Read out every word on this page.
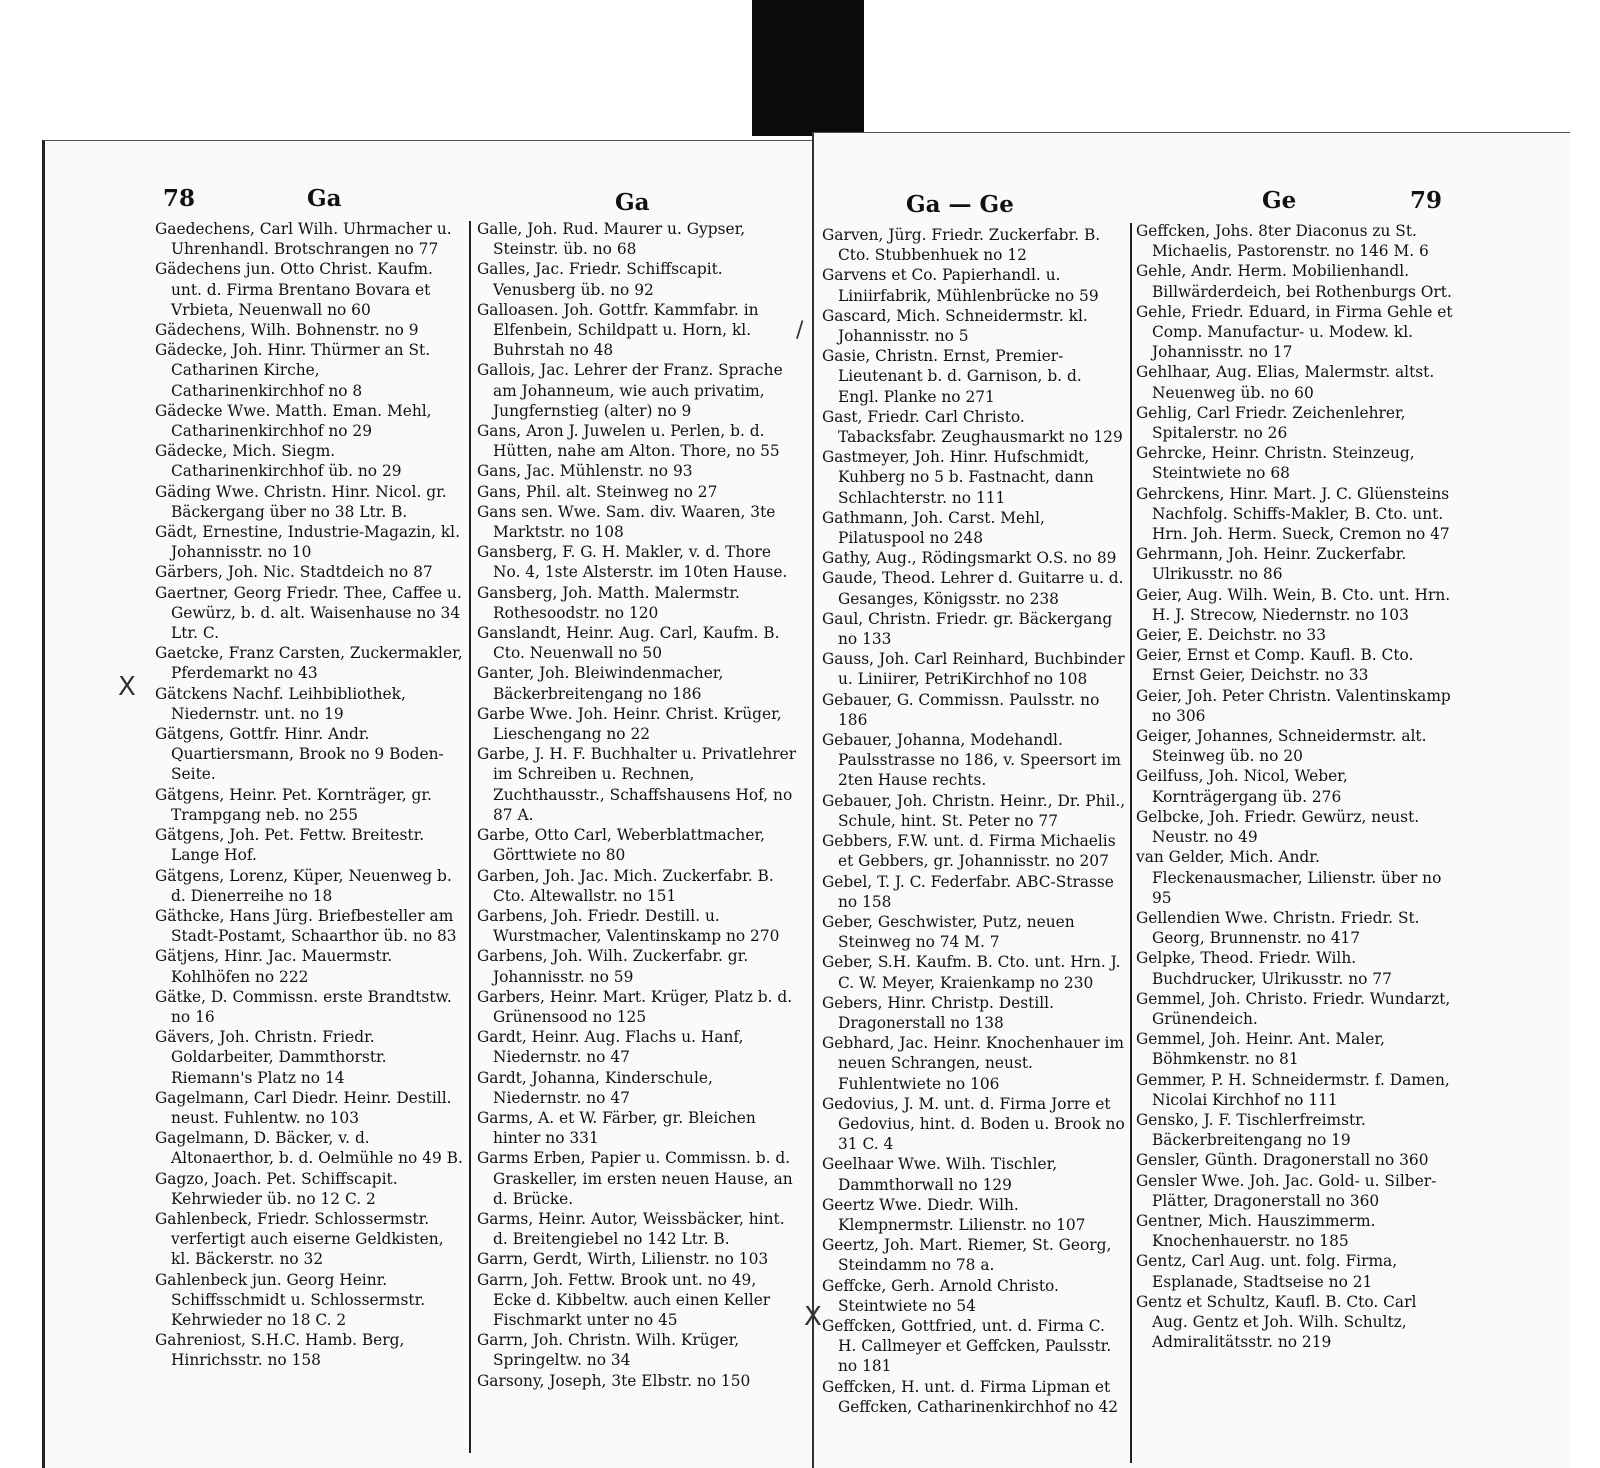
78	Ga	Ga

Gaedechens, Carl Wilh. Uhrmacher u. Uhrenhandl. Brotschrangen no 77

Gädechens jun. Otto Christ. Kaufm. unt. d. Firma Brentano Bovara et Vrbieta, Neuenwall no 60

Gädechens, Wilh. Bohnenstr. no 9

Gädecke, Joh. Hinr. Thürmer an St. Catharinen Kirche, Catharinenkirchhof no 8

Gädecke Wwe. Matth. Eman. Mehl, Catharinenkirchhof no 29

Gädecke, Mich. Siegm. Catharinenkirchhof üb. no 29

Gäding Wwe. Christn. Hinr. Nicol. gr. Bäckergang über no 38 Ltr. B.

Gädt, Ernestine, Industrie-Magazin, kl. Johannisstr. no 10

Gärbers, Joh. Nic. Stadtdeich no 87

Gaertner, Georg Friedr. Thee, Caffee u. Gewürz, b. d. alt. Waisenhause no 34 Ltr. C.

Gaetcke, Franz Carsten, Zuckermakler, Pferdemarkt no 43

Gätckens Nachf. Leihbibliothek, Niedernstr. unt. no 19

Gätgens, Gottfr. Hinr. Andr. Quartiersmann, Brook no 9 Boden-Seite.

Gätgens, Heinr. Pet. Kornträger, gr. Trampgang neb. no 255

Gätgens, Joh. Pet. Fettw. Breitestr. Lange Hof.

Gätgens, Lorenz, Küper, Neuenweg b. d. Dienerreihe no 18

Gäthcke, Hans Jürg. Briefbesteller am Stadt-Postamt, Schaarthor üb. no 83

Gätjens, Hinr. Jac. Mauermstr. Kohlhöfen no 222

Gätke, D. Commissn. erste Brandtstw. no 16

Gävers, Joh. Christn. Friedr. Goldarbeiter, Dammthorstr. Riemann's Platz no 14

Gagelmann, Carl Diedr. Heinr. Destill. neust. Fuhlentw. no 103

Gagelmann, D. Bäcker, v. d. Altonaerthor, b. d. Oelmühle no 49 B.

Gagzo, Joach. Pet. Schiffscapit. Kehrwieder üb. no 12 C. 2

Gahlenbeck, Friedr. Schlossermstr. verfertigt auch eiserne Geldkisten, kl. Bäckerstr. no 32

Gahlenbeck jun. Georg Heinr. Schiffsschmidt u. Schlossermstr. Kehrwieder no 18 C. 2

Gahreniost, S.H.C. Hamb. Berg, Hinrichsstr. no 158

Galle, Joh. Rud. Maurer u. Gypser, Steinstr. üb. no 68

Galles, Jac. Friedr. Schiffscapit. Venusberg üb. no 92

Galloasen. Joh. Gottfr. Kammfabr. in Elfenbein, Schildpatt u. Horn, kl. Buhrstah no 48

Gallois, Jac. Lehrer der Franz. Sprache am Johanneum, wie auch privatim, Jungfernstieg (alter) no 9

Gans, Aron J. Juwelen u. Perlen, b. d. Hütten, nahe am Alton. Thore, no 55

Gans, Jac. Mühlenstr. no 93

Gans, Phil. alt. Steinweg no 27

Gans sen. Wwe. Sam. div. Waaren, 3te Marktstr. no 108

Gansberg, F. G. H. Makler, v. d. Thore No. 4, 1ste Alsterstr. im 10ten Hause.

Gansberg, Joh. Matth. Malermstr. Rothesoodstr. no 120

Ganslandt, Heinr. Aug. Carl, Kaufm. B. Cto. Neuenwall no 50

Ganter, Joh. Bleiwindenmacher, Bäckerbreitengang no 186

Garbe Wwe. Joh. Heinr. Christ. Krüger, Lieschengang no 22

Garbe, J. H. F. Buchhalter u. Privatlehrer im Schreiben u. Rechnen, Zuchthausstr., Schaffshausens Hof, no 87 A.

Garbe, Otto Carl, Weberblattmacher, Görttwiete no 80

Garben, Joh. Jac. Mich. Zuckerfabr. B. Cto. Altewallstr. no 151

Garbens, Joh. Friedr. Destill. u. Wurstmacher, Valentinskamp no 270

Garbens, Joh. Wilh. Zuckerfabr. gr. Johannisstr. no 59

Garbers, Heinr. Mart. Krüger, Platz b. d. Grünensood no 125

Gardt, Heinr. Aug. Flachs u. Hanf, Niedernstr. no 47

Gardt, Johanna, Kinderschule, Niedernstr. no 47

Garms, A. et W. Färber, gr. Bleichen hinter no 331

Garms Erben, Papier u. Commissn. b. d. Graskeller, im ersten neuen Hause, an d. Brücke.

Garms, Heinr. Autor, Weissbäcker, hint. d. Breitengiebel no 142 Ltr. B.

Garrn, Gerdt, Wirth, Lilienstr. no 103

Garrn, Joh. Fettw. Brook unt. no 49, Ecke d. Kibbeltw. auch einen Keller Fischmarkt unter no 45

Garrn, Joh. Christn. Wilh. Krüger, Springeltw. no 34

Garsony, Joseph, 3te Elbstr. no 150

Ga — Ge	Ge	79

Garven, Jürg. Friedr. Zuckerfabr. B. Cto. Stubbenhuek no 12

Garvens et Co. Papierhandl. u. Liniirfabrik, Mühlenbrücke no 59

Gascard, Mich. Schneidermstr. kl. Johannisstr. no 5

Gasie, Christn. Ernst, Premier-Lieutenant b. d. Garnison, b. d. Engl. Planke no 271

Gast, Friedr. Carl Christo. Tabacksfabr. Zeughausmarkt no 129

Gastmeyer, Joh. Hinr. Hufschmidt, Kuhberg no 5 b. Fastnacht, dann Schlachterstr. no 111

Gathmann, Joh. Carst. Mehl, Pilatuspool no 248

Gathy, Aug., Rödingsmarkt O.S. no 89

Gaude, Theod. Lehrer d. Guitarre u. d. Gesanges, Königsstr. no 238

Gaul, Christn. Friedr. gr. Bäckergang no 133

Gauss, Joh. Carl Reinhard, Buchbinder u. Liniirer, PetriKirchhof no 108

Gebauer, G. Commissn. Paulsstr. no 186

Gebauer, Johanna, Modehandl. Paulsstrasse no 186, v. Speersort im 2ten Hause rechts.

Gebauer, Joh. Christn. Heinr., Dr. Phil., Schule, hint. St. Peter no 77

Gebbers, F.W. unt. d. Firma Michaelis et Gebbers, gr. Johannisstr. no 207

Gebel, T. J. C. Federfabr. ABC-Strasse no 158

Geber, Geschwister, Putz, neuen Steinweg no 74 M. 7

Geber, S.H. Kaufm. B. Cto. unt. Hrn. J. C. W. Meyer, Kraienkamp no 230

Gebers, Hinr. Christp. Destill. Dragonerstall no 138

Gebhard, Jac. Heinr. Knochenhauer im neuen Schrangen, neust. Fuhlentwiete no 106

Gedovius, J. M. unt. d. Firma Jorre et Gedovius, hint. d. Boden u. Brook no 31 C. 4

Geelhaar Wwe. Wilh. Tischler, Dammthorwall no 129

Geertz Wwe. Diedr. Wilh. Klempnermstr. Lilienstr. no 107

Geertz, Joh. Mart. Riemer, St. Georg, Steindamm no 78 a.

Geffcke, Gerh. Arnold Christo. Steintwiete no 54

Geffcken, Gottfried, unt. d. Firma C. H. Callmeyer et Geffcken, Paulsstr. no 181

Geffcken, H. unt. d. Firma Lipman et Geffcken, Catharinenkirchhof no 42

Geffcken, Johs. 8ter Diaconus zu St. Michaelis, Pastorenstr. no 146 M. 6

Gehle, Andr. Herm. Mobilienhandl. Billwärderdeich, bei Rothenburgs Ort.

Gehle, Friedr. Eduard, in Firma Gehle et Comp. Manufactur- u. Modew. kl. Johannisstr. no 17

Gehlhaar, Aug. Elias, Malermstr. altst. Neuenweg üb. no 60

Gehlig, Carl Friedr. Zeichenlehrer, Spitalerstr. no 26

Gehrcke, Heinr. Christn. Steinzeug, Steintwiete no 68

Gehrckens, Hinr. Mart. J. C. Glüensteins Nachfolg. Schiffs-Makler, B. Cto. unt. Hrn. Joh. Herm. Sueck, Cremon no 47

Gehrmann, Joh. Heinr. Zuckerfabr. Ulrikusstr. no 86

Geier, Aug. Wilh. Wein, B. Cto. unt. Hrn. H. J. Strecow, Niedernstr. no 103

Geier, E. Deichstr. no 33

Geier, Ernst et Comp. Kaufl. B. Cto. Ernst Geier, Deichstr. no 33

Geier, Joh. Peter Christn. Valentinskamp no 306

Geiger, Johannes, Schneidermstr. alt. Steinweg üb. no 20

Geilfuss, Joh. Nicol, Weber, Kornträgergang üb. 276

Gelbcke, Joh. Friedr. Gewürz, neust. Neustr. no 49

van Gelder, Mich. Andr. Fleckenausmacher, Lilienstr. über no 95

Gellendien Wwe. Christn. Friedr. St. Georg, Brunnenstr. no 417

Gelpke, Theod. Friedr. Wilh. Buchdrucker, Ulrikusstr. no 77

Gemmel, Joh. Christo. Friedr. Wundarzt, Grünendeich.

Gemmel, Joh. Heinr. Ant. Maler, Böhmkenstr. no 81

Gemmer, P. H. Schneidermstr. f. Damen, Nicolai Kirchhof no 111

Gensko, J. F. Tischlerfreimstr. Bäckerbreitengang no 19

Gensler, Günth. Dragonerstall no 360

Gensler Wwe. Joh. Jac. Gold- u. Silber-Plätter, Dragonerstall no 360

Gentner, Mich. Hauszimmerm. Knochenhauerstr. no 185

Gentz, Carl Aug. unt. folg. Firma, Esplanade, Stadtseise no 21

Gentz et Schultz, Kaufl. B. Cto. Carl Aug. Gentz et Joh. Wilh. Schultz, Admiralitätsstr. no 219

X
X
/
